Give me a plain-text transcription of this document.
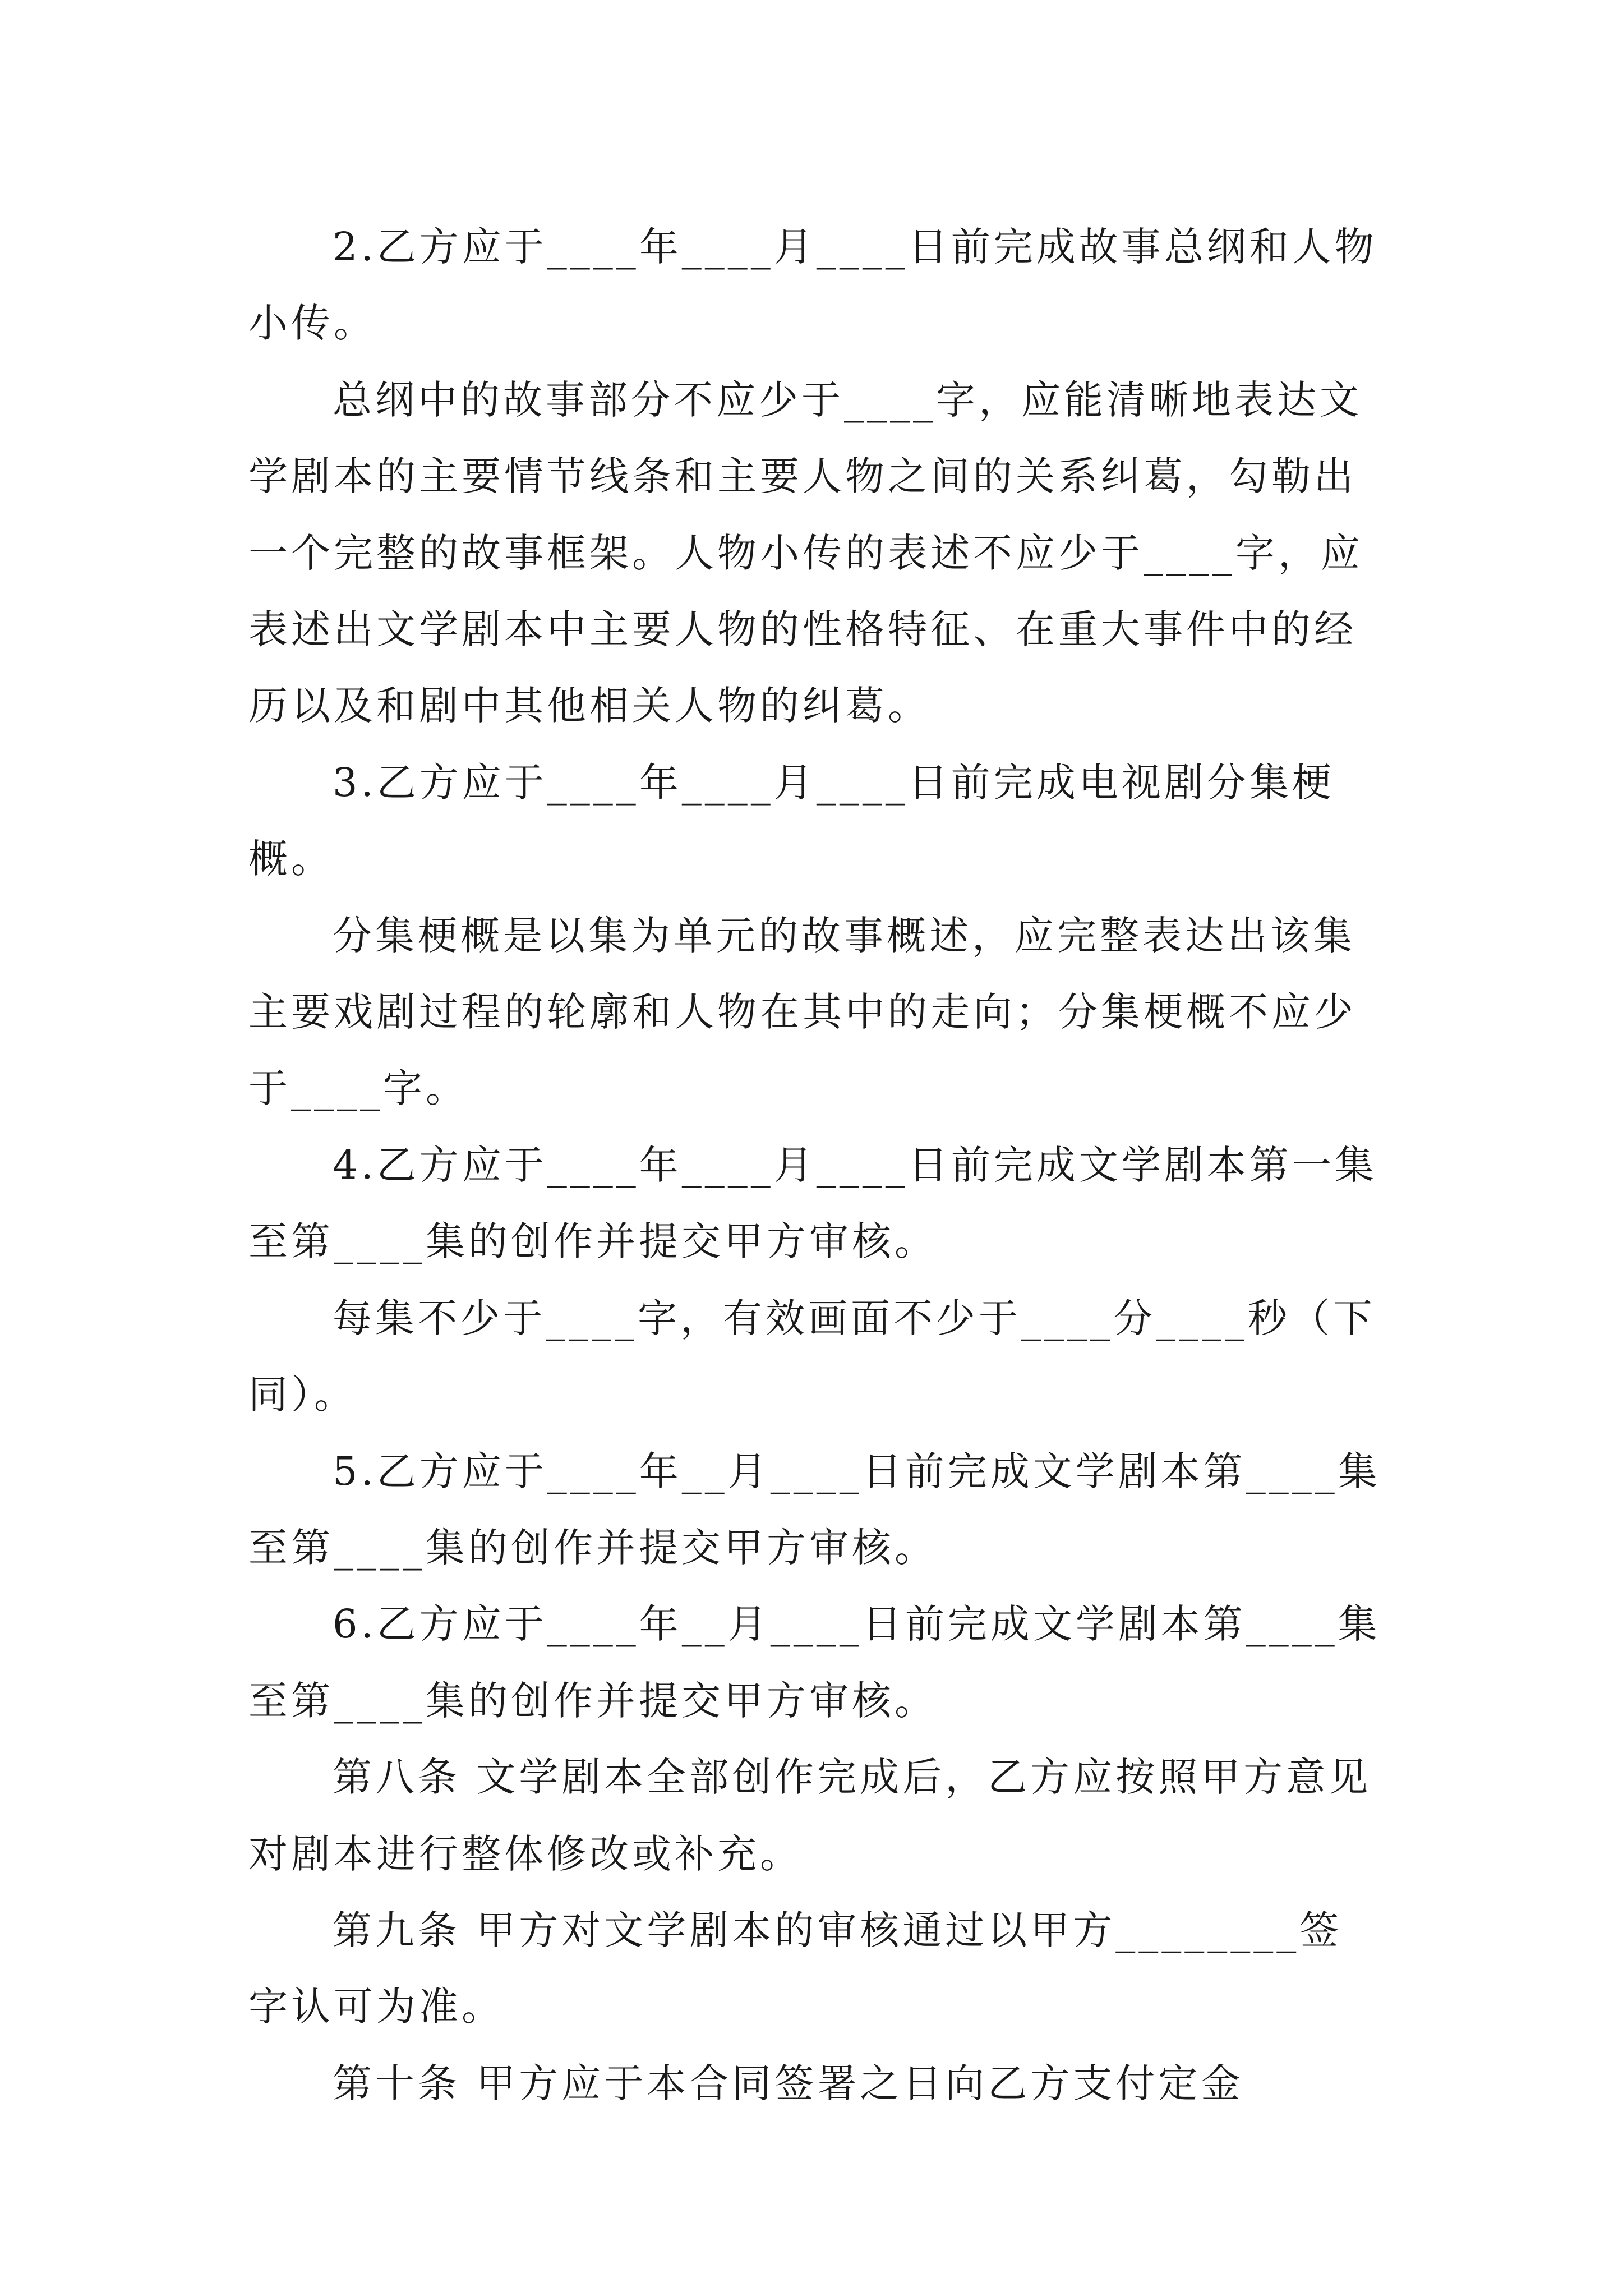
2.乙方应于____年____月____日前完成故事总纲和人物小传。

总纲中的故事部分不应少于____字，应能清晰地表达文学剧本的主要情节线条和主要人物之间的关系纠葛，勾勒出一个完整的故事框架。人物小传的表述不应少于____字，应表述出文学剧本中主要人物的性格特征、在重大事件中的经历以及和剧中其他相关人物的纠葛。

3.乙方应于____年____月____日前完成电视剧分集梗概。

分集梗概是以集为单元的故事概述，应完整表达出该集主要戏剧过程的轮廓和人物在其中的走向；分集梗概不应少于____字。

4.乙方应于____年____月____日前完成文学剧本第一集至第____集的创作并提交甲方审核。

每集不少于____字，有效画面不少于____分____秒（下同）。

5.乙方应于____年__月____日前完成文学剧本第____集至第____集的创作并提交甲方审核。

6.乙方应于____年__月____日前完成文学剧本第____集至第____集的创作并提交甲方审核。

第八条 文学剧本全部创作完成后，乙方应按照甲方意见对剧本进行整体修改或补充。

第九条 甲方对文学剧本的审核通过以甲方________签字认可为准。

第十条 甲方应于本合同签署之日向乙方支付定金
